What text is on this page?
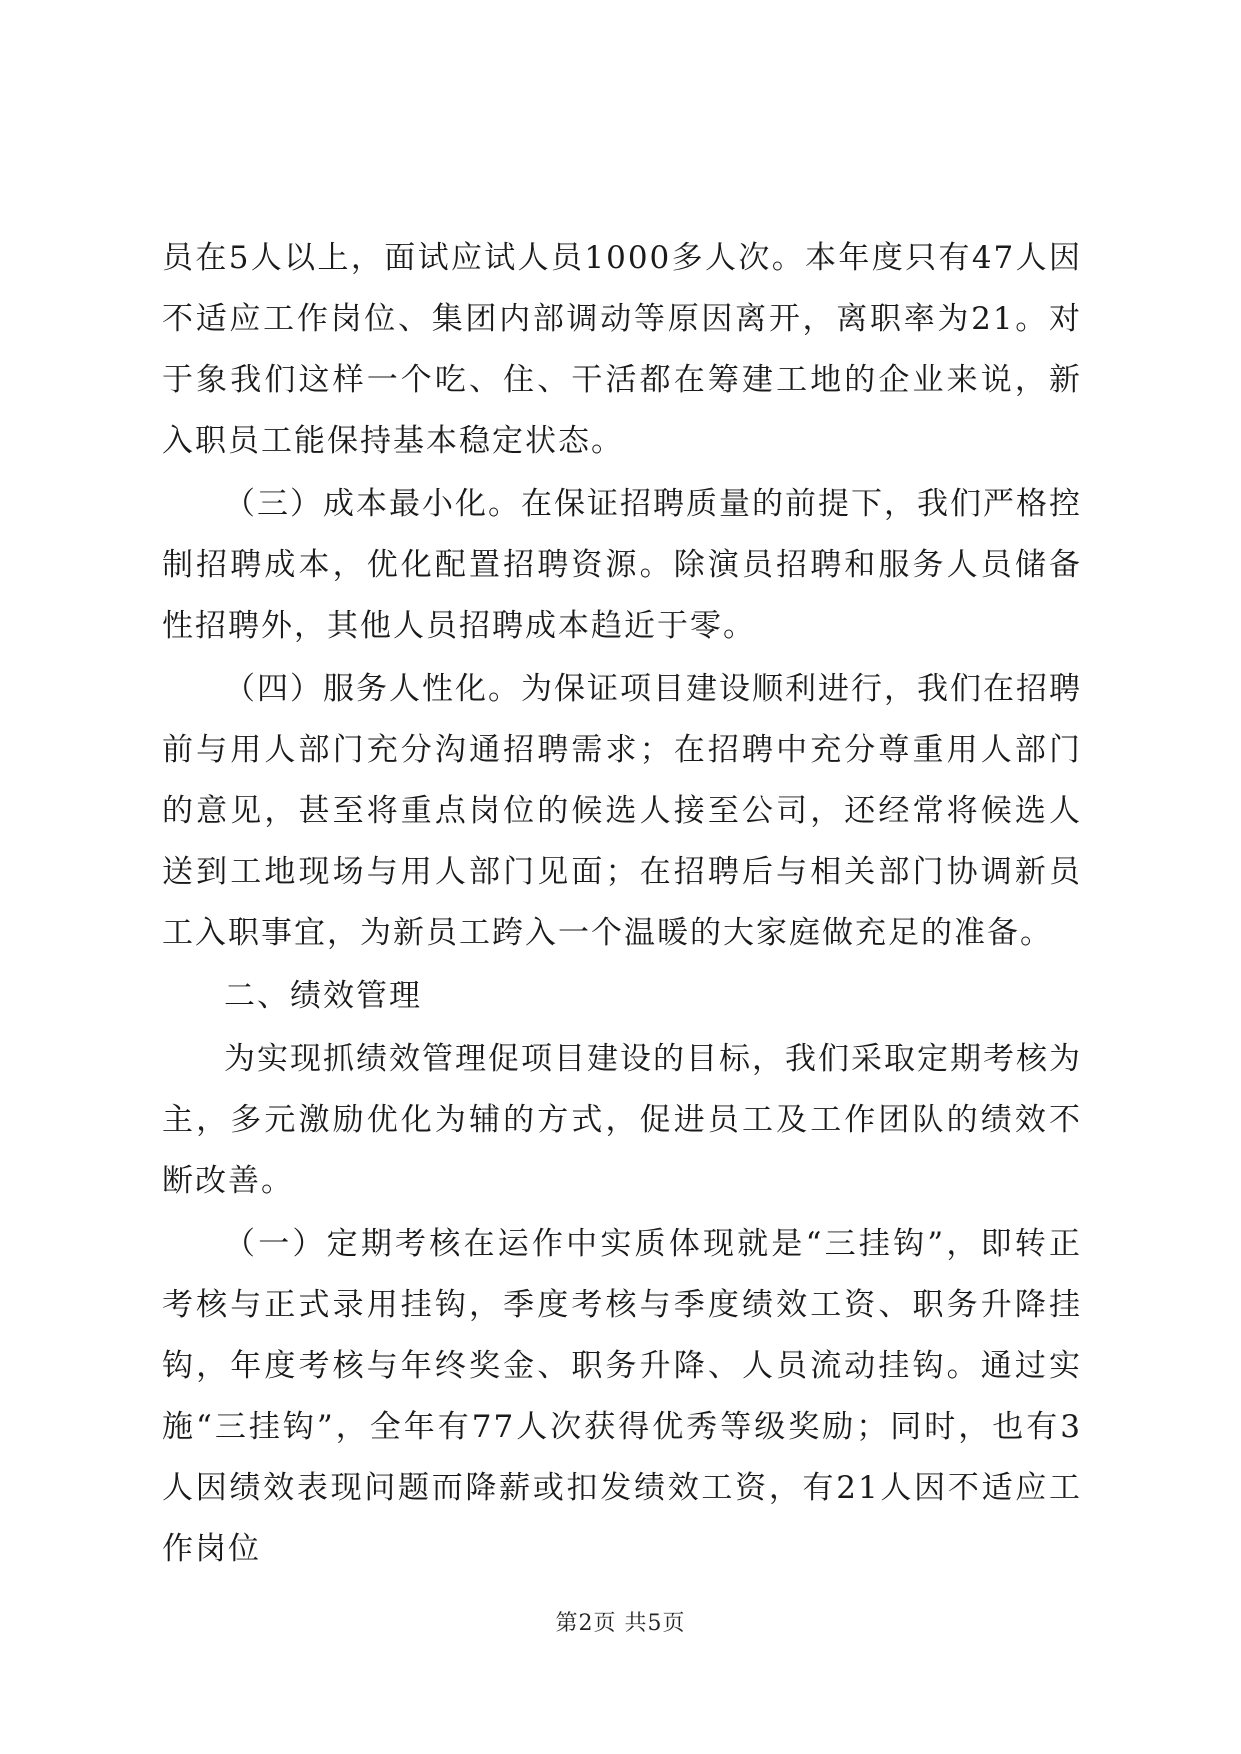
员在5人以上，面试应试人员1000多人次。本年度只有47人因不适应工作岗位、集团内部调动等原因离开，离职率为21。对于象我们这样一个吃、住、干活都在筹建工地的企业来说，新入职员工能保持基本稳定状态。

（三）成本最小化。在保证招聘质量的前提下，我们严格控制招聘成本，优化配置招聘资源。除演员招聘和服务人员储备性招聘外，其他人员招聘成本趋近于零。

（四）服务人性化。为保证项目建设顺利进行，我们在招聘前与用人部门充分沟通招聘需求；在招聘中充分尊重用人部门的意见，甚至将重点岗位的候选人接至公司，还经常将候选人送到工地现场与用人部门见面；在招聘后与相关部门协调新员工入职事宜，为新员工跨入一个温暖的大家庭做充足的准备。

二、绩效管理

为实现抓绩效管理促项目建设的目标，我们采取定期考核为主，多元激励优化为辅的方式，促进员工及工作团队的绩效不断改善。

（一）定期考核在运作中实质体现就是“三挂钩”，即转正考核与正式录用挂钩，季度考核与季度绩效工资、职务升降挂钩，年度考核与年终奖金、职务升降、人员流动挂钩。通过实施“三挂钩”，全年有77人次获得优秀等级奖励；同时，也有3人因绩效表现问题而降薪或扣发绩效工资，有21人因不适应工作岗位

第2页 共5页
